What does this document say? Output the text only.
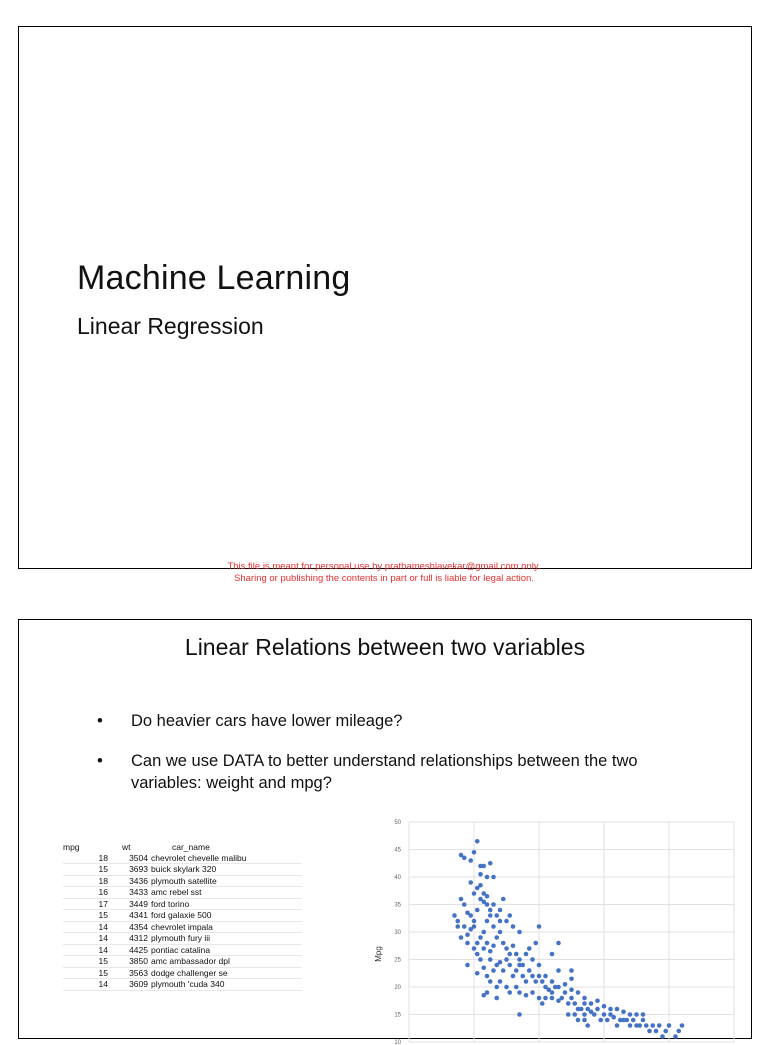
Machine Learning
Linear Regression
This file is meant for personal use by prathameshlavekar@gmail.com only.
Sharing or publishing the contents in part or full is liable for legal action.
Linear Relations between two variables
• Do heavier cars have lower mileage?
• Can we use DATA to better understand relationships between the two variables: weight and mpg?
mpg	wt	car_name
18	3504 chevrolet chevelle malibu
15	3693 buick skylark 320
18	3436 plymouth satellite
16	3433 amc rebel sst
17	3449 ford torino
15	4341 ford galaxie 500
14	4354 chevrolet impala
14	4312 plymouth fury iii
14	4425 pontiac catalina
15	3850 amc ambassador dpl
15	3563 dodge challenger se
14	3609 plymouth 'cuda 340
10
15
20
25
30
35
40
45
50
Mpg
